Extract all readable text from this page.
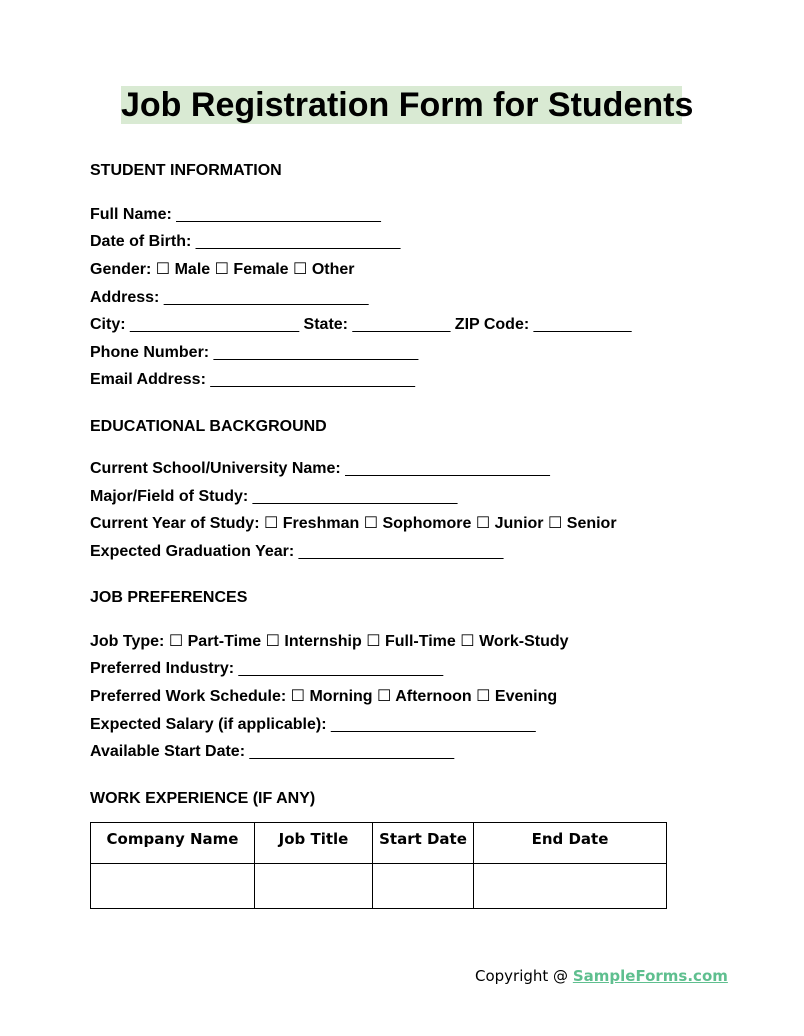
Job Registration Form for Students
STUDENT INFORMATION
Full Name: _______________________
Date of Birth: _______________________
Gender: ☐ Male ☐ Female ☐ Other
Address: _______________________
City: ___________________ State: ___________ ZIP Code: ___________
Phone Number: _______________________
Email Address: _______________________
EDUCATIONAL BACKGROUND
Current School/University Name: _______________________
Major/Field of Study: _______________________
Current Year of Study: ☐ Freshman ☐ Sophomore ☐ Junior ☐ Senior
Expected Graduation Year: _______________________
JOB PREFERENCES
Job Type: ☐ Part-Time ☐ Internship ☐ Full-Time ☐ Work-Study
Preferred Industry: _______________________
Preferred Work Schedule: ☐ Morning ☐ Afternoon ☐ Evening
Expected Salary (if applicable): _______________________
Available Start Date: _______________________
WORK EXPERIENCE (IF ANY)
Company Name	Job Title	Start Date	End Date

Copyright @ SampleForms.com
